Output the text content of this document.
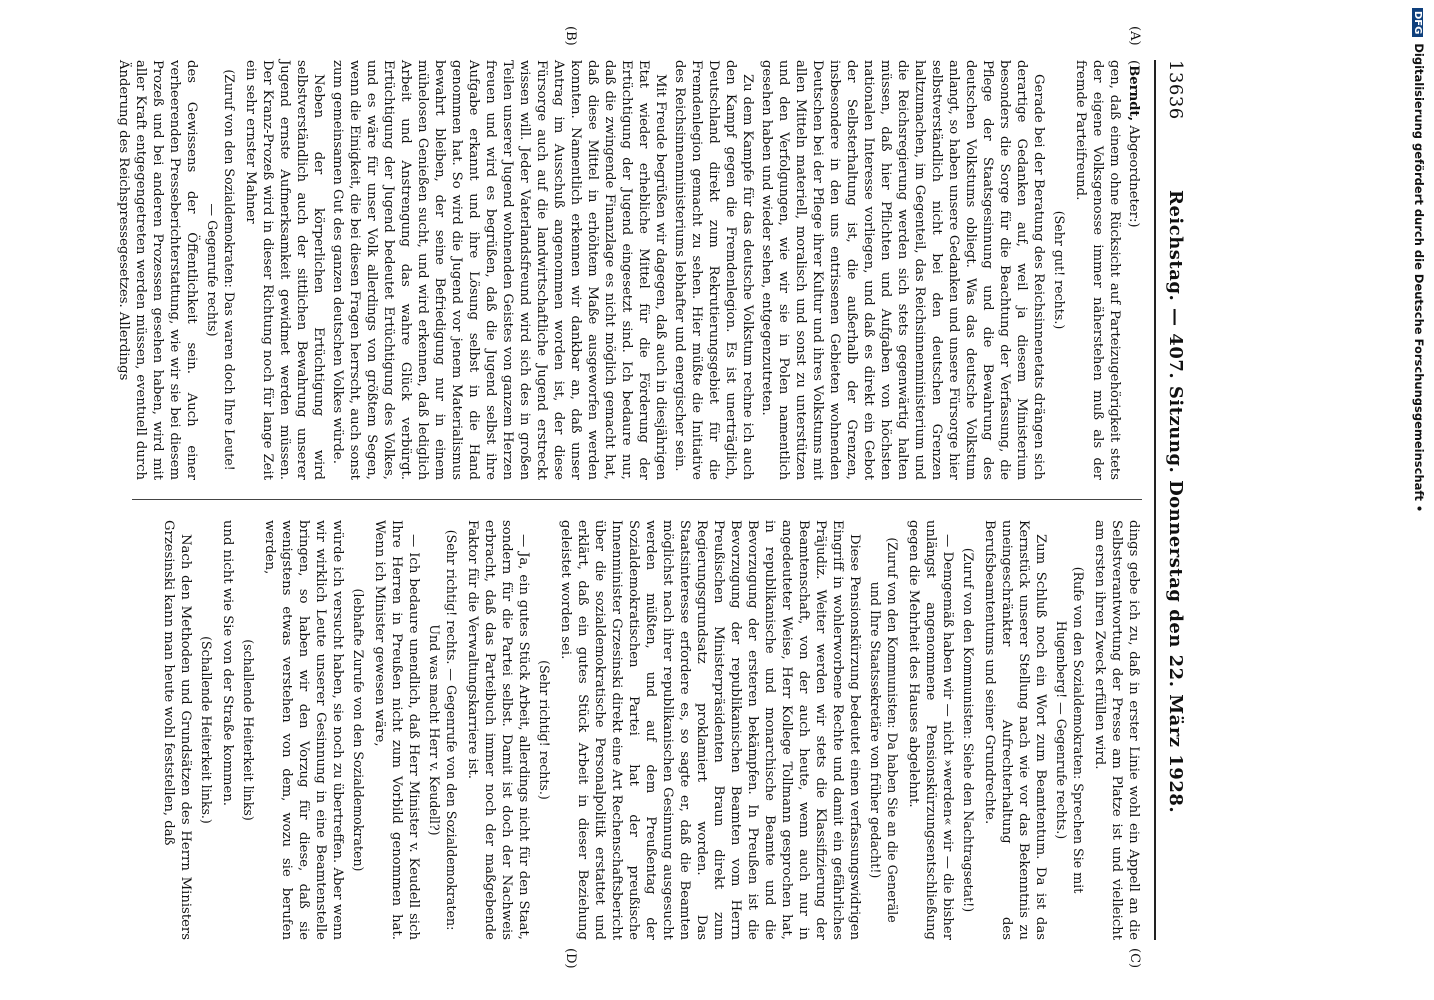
13636
Reichstag. — 407. Sitzung. Donnerstag den 22. März 1928.
(A)
(B)
(C)
(D)

(Berndt, Abgeordneter:)

gen, daß einem ohne Rücksicht auf Parteizugehörigkeit stets der eigene Volksgenosse immer näherstehen muß als der fremde Parteifreund.

(Sehr gut! rechts.)

Gerade bei der Beratung des Reichsinnenetats drängen sich derartige Gedanken auf, weil ja diesem Ministerium besonders die Sorge für die Beachtung der Verfassung, die Pflege der Staatsgesinnung und die Bewahrung des deutschen Volkstums obliegt. Was das deutsche Volkstum anlangt, so haben unsere Gedanken und unsere Fürsorge hier selbstverständlich nicht bei den deutschen Grenzen haltzumachen, im Gegenteil, das Reichsinnenministerium und die Reichsregierung werden sich stets gegenwärtig halten müssen, daß hier Pflichten und Aufgaben von höchsten nationalen Interesse vorliegen, und daß es direkt ein Gebot der Selbsterhaltung ist, die außerhalb der Grenzen, insbesondere in den uns entrissenen Gebieten wohnenden Deutschen bei der Pflege ihrer Kultur und ihres Volkstums mit allen Mitteln materiell, moralisch und sonst zu unterstützen und den Verfolgungen, wie wir sie in Polen namentlich gesehen haben und wieder sehen, entgegenzutreten.

Zu dem Kampfe für das deutsche Volkstum rechne ich auch den Kampf gegen die Fremdenlegion. Es ist unerträglich, Deutschland direkt zum Rekrutierungsgebiet für die Fremdenlegion gemacht zu sehen. Hier müßte die Initiative des Reichsinnenministeriums lebhafter und energischer sein.

Mit Freude begrüßen wir dagegen, daß auch in diesjährigen Etat wieder erhebliche Mittel für die Förderung der Ertüchtigung der Jugend eingesetzt sind. Ich bedaure nur, daß die zwingende Finanzlage es nicht möglich gemacht hat, daß diese Mittel in erhöhtem Maße ausgeworfen werden konnten. Namentlich erkennen wir dankbar an, daß unser Antrag im Ausschuß angenommen worden ist, der diese Fürsorge auch auf die landwirtschaftliche Jugend erstreckt wissen will. Jeder Vaterlandsfreund wird sich des in großen Teilen unserer Jugend wohnenden Geistes von ganzem Herzen freuen und wird es begrüßen, daß die Jugend selbst ihre Aufgabe erkannt und ihre Lösung selbst in die Hand genommen hat. So wird die Jugend vor jenem Materialismus bewahrt bleiben, der seine Befriedigung nur in einem mühelosen Genießen sucht, und wird erkennen, daß lediglich Arbeit und Anstrengung das wahre Glück verbürgt. Ertüchtigung der Jugend bedeutet Ertüchtigung des Volkes, und es wäre für unser Volk allerdings von größtem Segen, wenn die Einigkeit, die bei diesen Fragen herrscht, auch sonst zum gemeinsamen Gut des ganzen deutschen Volkes würde.

Neben der körperlichen Ertüchtigung wird selbstverständlich auch der sittlichen Bewahrung unserer Jugend ernste Aufmerksamkeit gewidmet werden müssen. Der Kranz-Prozeß wird in dieser Richtung noch für lange Zeit ein sehr ernster Mahner

(Zuruf von den Sozialdemokraten: Das waren doch Ihre Leute! — Gegenrufe rechts)

des Gewissens der Öffentlichkeit sein. Auch einer verheerenden Presseberichterstattung, wie wir sie bei diesem Prozeß und bei anderen Prozessen gesehen haben, wird mit aller Kraft entgegengetreten werden müssen, eventuell durch Änderung des Reichspressegesetzes. Allerdings

dings gebe ich zu, daß in erster Linie wohl ein Appell an die Selbstverantwortung der Presse am Platze ist und vielleicht am ersten ihren Zweck erfüllen wird.

(Rufe von den Sozialdemokraten: Sprechen Sie mit Hugenberg! — Gegenrufe rechts.)

Zum Schluß noch ein Wort zum Beamtentum. Da ist das Kernstück unserer Stellung nach wie vor das Bekenntnis zu uneingeschränkter Aufrechterhaltung des Berufsbeamtentums und seiner Grundrechte.

(Zuruf von den Kommunisten: Siehe den Nachtragsetat!)

— Demgemäß haben wir — nicht »werden« wir — die bisher unlängst angenommene Pensionskürzungsentschließung gegen die Mehrheit des Hauses abgelehnt.

(Zuruf von den Kommunisten: Da haben Sie an die Generäle und Ihre Staatssekretäre von früher gedacht!)

Diese Pensionskürzung bedeutet einen verfassungswidrigen Eingriff in wohlerworbene Rechte und damit ein gefährliches Präjudiz. Weiter werden wir stets die Klassifizierung der Beamtenschaft, von der auch heute, wenn auch nur in angedeuteter Weise, Herr Kollege Tollmann gesprochen hat, in republikanische und monarchische Beamte und die Bevorzugung der ersteren bekämpfen. In Preußen ist die Bevorzugung der republikanischen Beamten vom Herrn Preußischen Ministerpräsidenten Braun direkt zum Regierungsgrundsatz proklamiert worden. Das Staatsinteresse erfordere es, so sagte er, daß die Beamten möglichst nach ihrer republikanischen Gesinnung ausgesucht werden müßten, und auf dem Preußentag der Sozialdemokratischen Partei hat der preußische Innenminister Grzesinski direkt eine Art Rechenschaftsbericht über die sozialdemokratische Personalpolitik erstattet und erklärt, daß ein gutes Stück Arbeit in dieser Beziehung geleistet worden sei.

(Sehr richtig! rechts.)

— Ja, ein gutes Stück Arbeit, allerdings nicht für den Staat, sondern für die Partei selbst. Damit ist doch der Nachweis erbracht, daß das Parteibuch immer noch der maßgebende Faktor für die Verwaltungskarriere ist.

(Sehr richtig! rechts. — Gegenrufe von den Sozialdemokraten: Und was macht Herr v. Keudell?)

— Ich bedaure unendlich, daß Herr Minister v. Keudell sich Ihre Herren in Preußen nicht zum Vorbild genommen hat. Wenn ich Minister gewesen wäre,

(lebhafte Zurufe von den Sozialdemokraten)

würde ich versucht haben, sie noch zu übertreffen. Aber wenn wir wirklich Leute unserer Gesinnung in eine Beamtenstelle bringen, so haben wir den Vorzug für diese, daß sie wenigstens etwas verstehen von dem, wozu sie berufen werden,

(schallende Heiterkeit links)

und nicht wie Sie von der Straße kommen.

(Schallende Heiterkeit links.)

Nach den Methoden und Grundsätzen des Herrn Ministers Grzesinski kann man heute wohl feststellen, daß

DFGDigitalisierung gefördert durch die Deutsche Forschungsgemeinschaft •
